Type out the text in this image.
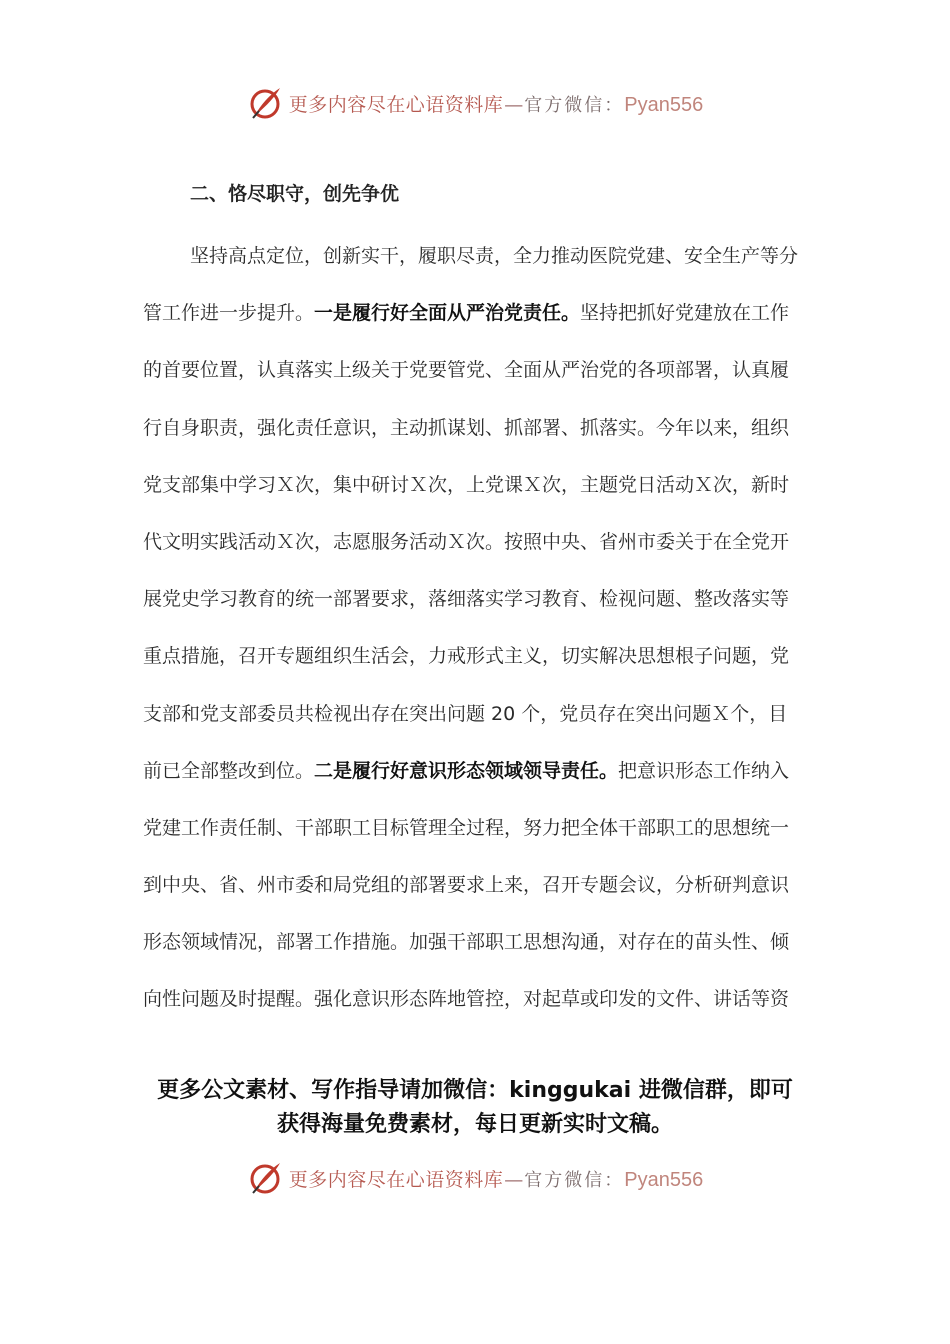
更多内容尽在心语资料库 — 官方微信： Pyan556
二、恪尽职守，创先争优

坚持高点定位，创新实干，履职尽责，全力推动医院党建、安全生产等分
管工作进一步提升。一是履行好全面从严治党责任。坚持把抓好党建放在工作
的首要位置，认真落实上级关于党要管党、全面从严治党的各项部署，认真履
行自身职责，强化责任意识，主动抓谋划、抓部署、抓落实。今年以来，组织
党支部集中学习Ｘ次，集中研讨Ｘ次，上党课Ｘ次，主题党日活动Ｘ次，新时
代文明实践活动Ｘ次，志愿服务活动Ｘ次。按照中央、省州市委关于在全党开
展党史学习教育的统一部署要求，落细落实学习教育、检视问题、整改落实等
重点措施，召开专题组织生活会，力戒形式主义，切实解决思想根子问题，党
支部和党支部委员共检视出存在突出问题 20 个，党员存在突出问题Ｘ个，目
前已全部整改到位。二是履行好意识形态领域领导责任。把意识形态工作纳入
党建工作责任制、干部职工目标管理全过程，努力把全体干部职工的思想统一
到中央、省、州市委和局党组的部署要求上来，召开专题会议，分析研判意识
形态领域情况，部署工作措施。加强干部职工思想沟通，对存在的苗头性、倾
向性问题及时提醒。强化意识形态阵地管控，对起草或印发的文件、讲话等资

更多公文素材、写作指导请加微信：kinggukai 进微信群，即可
获得海量免费素材，每日更新实时文稿。
更多内容尽在心语资料库 — 官方微信： Pyan556
